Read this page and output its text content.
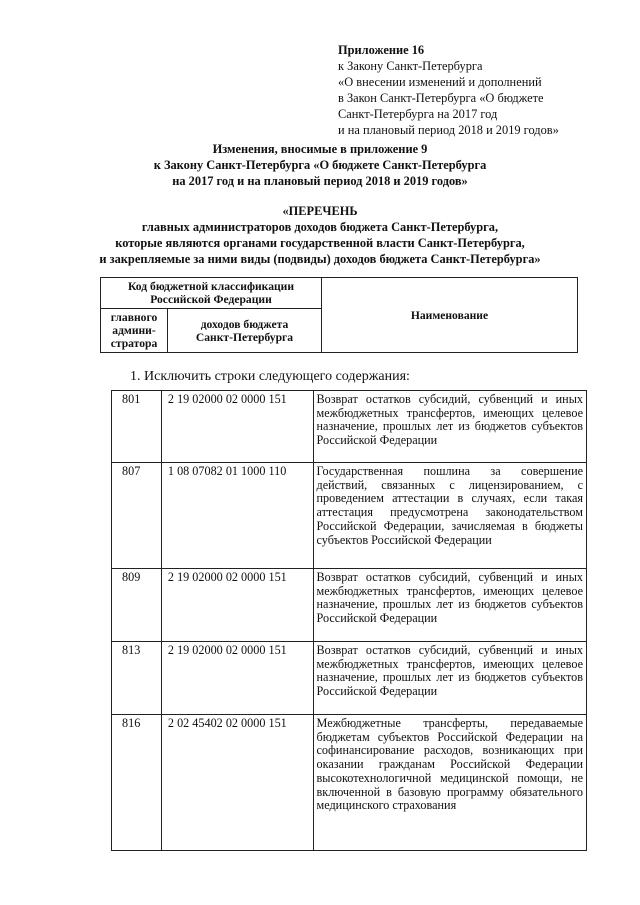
Приложение 16
к Закону Санкт-Петербурга
«О внесении изменений и дополнений
в Закон Санкт-Петербурга «О бюджете
Санкт-Петербурга на 2017 год
и на плановый период 2018 и 2019 годов»
Изменения, вносимые в приложение 9
к Закону Санкт-Петербурга «О бюджете Санкт-Петербурга
на 2017 год и на плановый период 2018 и 2019 годов»
«ПЕРЕЧЕНЬ
главных администраторов доходов бюджета Санкт-Петербурга,
которые являются органами государственной власти Санкт-Петербурга,
и закрепляемые за ними виды (подвиды) доходов бюджета Санкт-Петербурга»
Код бюджетной классификации Российской Федерации		Наименование
главного админи-стратора	доходов бюджета Санкт-Петербурга	
1. Исключить строки следующего содержания:
801	2 19 02000 02 0000 151	Возврат остатков субсидий, субвенций и иных межбюджетных трансфертов, имеющих целевое назначение, прошлых лет из бюджетов субъектов Российской Федерации
807	1 08 07082 01 1000 110	Государственная пошлина за совершение действий, связанных с лицензированием, с проведением аттестации в случаях, если такая аттестация предусмотрена законодательством Российской Федерации, зачисляемая в бюджеты субъектов Российской Федерации
809	2 19 02000 02 0000 151	Возврат остатков субсидий, субвенций и иных межбюджетных трансфертов, имеющих целевое назначение, прошлых лет из бюджетов субъектов Российской Федерации
813	2 19 02000 02 0000 151	Возврат остатков субсидий, субвенций и иных межбюджетных трансфертов, имеющих целевое назначение, прошлых лет из бюджетов субъектов Российской Федерации
816	2 02 45402 02 0000 151	Межбюджетные трансферты, передаваемые бюджетам субъектов Российской Федерации на софинансирование расходов, возникающих при оказании гражданам Российской Федерации высокотехнологичной медицинской помощи, не включенной в базовую программу обязательного медицинского страхования
